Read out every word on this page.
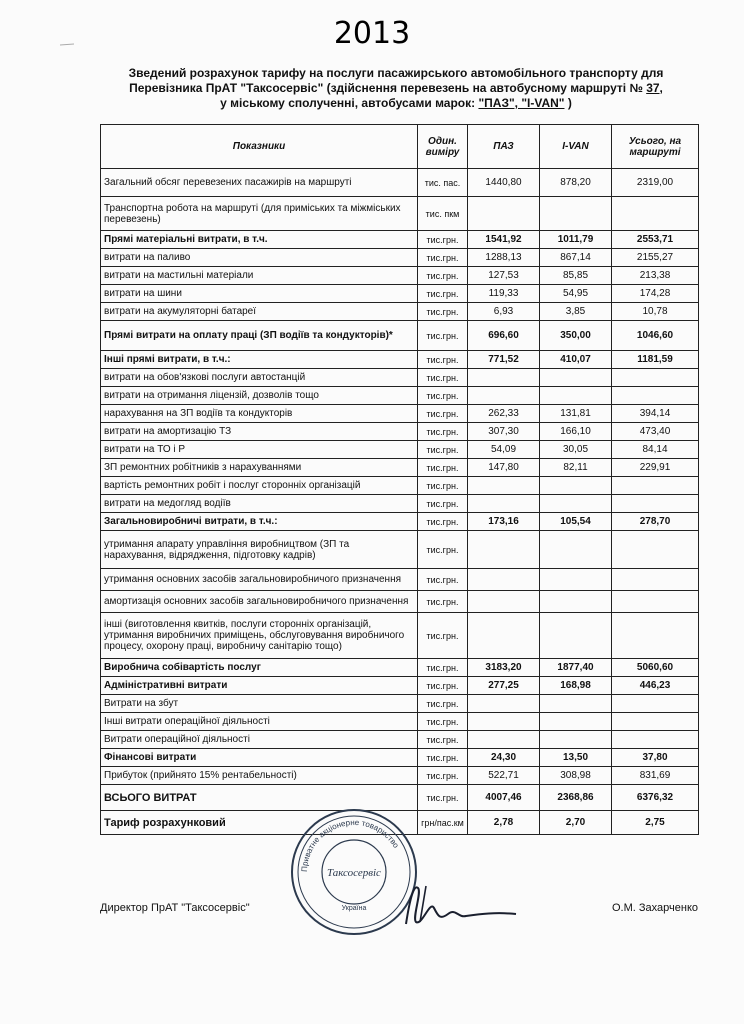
2013
Зведений розрахунок тарифу на послуги пасажирського автомобільного транспорту для
Перевізника ПрАТ "Таксосервіс" (здійснення перевезень на автобусному маршруті № 37,
у міському сполученні, автобусами марок: "ПАЗ", "I-VAN" )
Показники	Один. виміру	ПАЗ	I-VAN	Усього, на маршруті
Загальний обсяг перевезених пасажирів на маршруті	тис. пас.	1440,80	878,20	2319,00
Транспортна робота на маршруті (для приміських та міжміських перевезень)	тис. пкм			
Прямі матеріальні витрати, в т.ч.	тис.грн.	1541,92	1011,79	2553,71
витрати на паливо	тис.грн.	1288,13	867,14	2155,27
витрати на мастильні матеріали	тис.грн.	127,53	85,85	213,38
витрати на шини	тис.грн.	119,33	54,95	174,28
витрати на акумуляторні батареї	тис.грн.	6,93	3,85	10,78
Прямі витрати на оплату праці (ЗП водіїв та кондукторів)*	тис.грн.	696,60	350,00	1046,60
Інші прямі витрати, в т.ч.:	тис.грн.	771,52	410,07	1181,59
витрати на обов'язкові послуги автостанцій	тис.грн.			
витрати на отримання ліцензій, дозволів тощо	тис.грн.			
нарахування на ЗП водіїв та кондукторів	тис.грн.	262,33	131,81	394,14
витрати на амортизацію ТЗ	тис.грн.	307,30	166,10	473,40
витрати на ТО і Р	тис.грн.	54,09	30,05	84,14
ЗП ремонтних робітників з нарахуваннями	тис.грн.	147,80	82,11	229,91
вартість ремонтних робіт і послуг сторонніх організацій	тис.грн.			
витрати на медогляд водіїв	тис.грн.			
Загальновиробничі витрати, в т.ч.:	тис.грн.	173,16	105,54	278,70
утримання апарату управління виробництвом (ЗП та нарахування, відрядження, підготовку кадрів)	тис.грн.			
утримання основних засобів загальновиробничого призначення	тис.грн.			
амортизація основних засобів загальновиробничого призначення	тис.грн.			
інші (виготовлення квитків, послуги сторонніх організацій, утримання виробничих приміщень, обслуговування виробничого процесу, охорону праці, виробничу санітарію тощо)	тис.грн.			
Виробнича собівартість послуг	тис.грн.	3183,20	1877,40	5060,60
Адміністративні витрати	тис.грн.	277,25	168,98	446,23
Витрати на збут	тис.грн.			
Інші витрати операційної діяльності	тис.грн.			
Витрати операційної діяльності	тис.грн.			
Фінансові витрати	тис.грн.	24,30	13,50	37,80
Прибуток (прийнято 15% рентабельності)	тис.грн.	522,71	308,98	831,69
ВСЬОГО ВИТРАТ	тис.грн.	4007,46	2368,86	6376,32
Тариф розрахунковий	грн/пас.км	2,78	2,70	2,75
Приватне акціонерне товариство
Таксосервіс
Україна
Директор ПрАТ "Таксосервіс"	О.М. Захарченко
